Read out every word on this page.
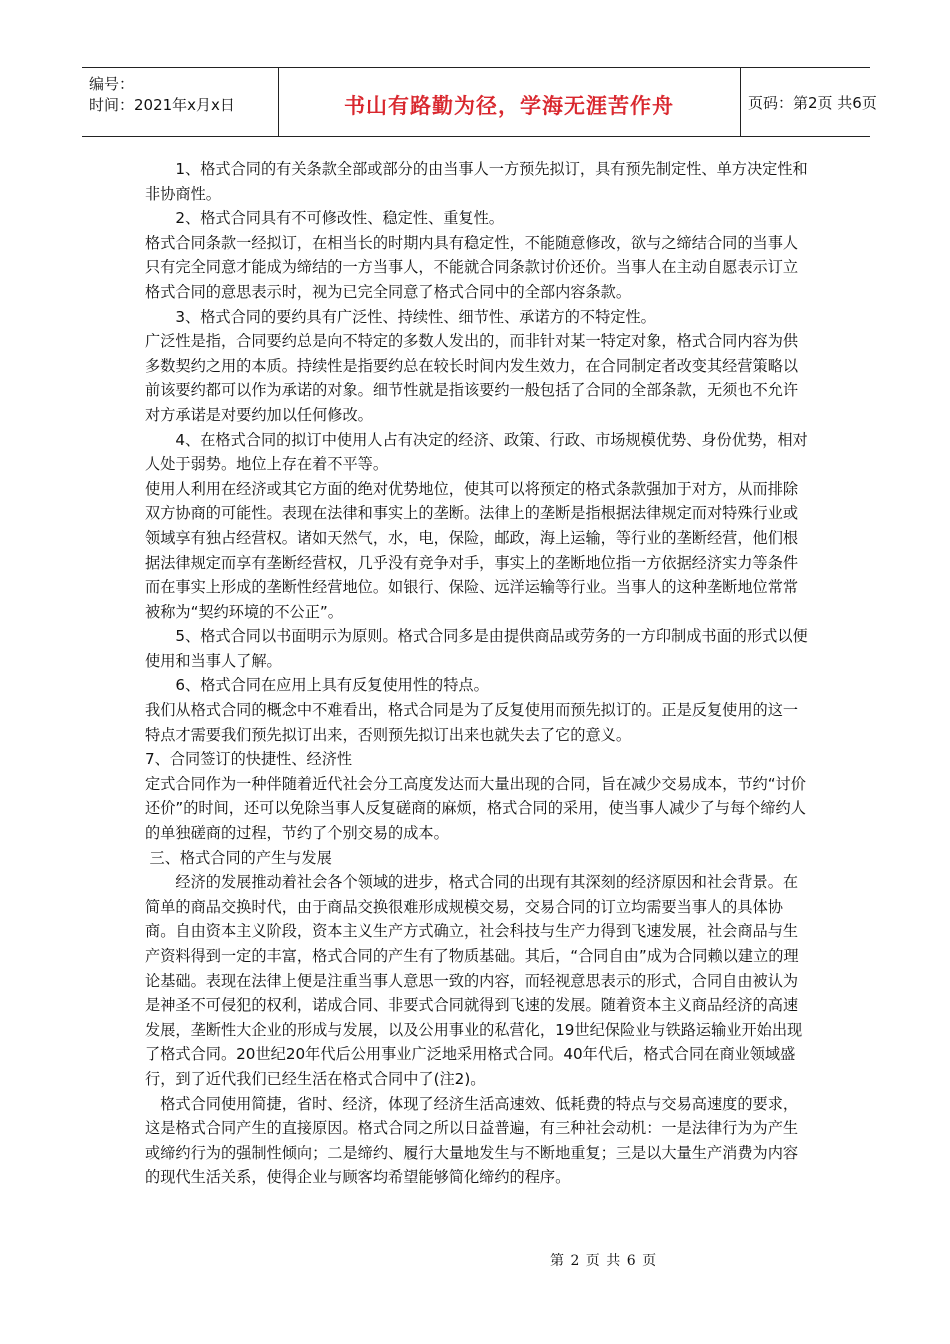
编号：
时间：2021年x月x日	书山有路勤为径，学海无涯苦作舟	页码：第2页 共6页

1、格式合同的有关条款全部或部分的由当事人一方预先拟订，具有预先制定性、单方决定性和非协商性。

2、格式合同具有不可修改性、稳定性、重复性。

格式合同条款一经拟订，在相当长的时期内具有稳定性，不能随意修改，欲与之缔结合同的当事人只有完全同意才能成为缔结的一方当事人，不能就合同条款讨价还价。当事人在主动自愿表示订立格式合同的意思表示时，视为已完全同意了格式合同中的全部内容条款。

3、格式合同的要约具有广泛性、持续性、细节性、承诺方的不特定性。

广泛性是指，合同要约总是向不特定的多数人发出的，而非针对某一特定对象，格式合同内容为供多数契约之用的本质。持续性是指要约总在较长时间内发生效力，在合同制定者改变其经营策略以前该要约都可以作为承诺的对象。细节性就是指该要约一般包括了合同的全部条款，无须也不允许对方承诺是对要约加以任何修改。

4、在格式合同的拟订中使用人占有决定的经济、政策、行政、市场规模优势、身份优势，相对人处于弱势。地位上存在着不平等。

使用人利用在经济或其它方面的绝对优势地位，使其可以将预定的格式条款强加于对方，从而排除双方协商的可能性。表现在法律和事实上的垄断。法律上的垄断是指根据法律规定而对特殊行业或领域享有独占经营权。诸如天然气，水，电，保险，邮政，海上运输，等行业的垄断经营，他们根据法律规定而享有垄断经营权，几乎没有竞争对手，事实上的垄断地位指一方依据经济实力等条件而在事实上形成的垄断性经营地位。如银行、保险、远洋运输等行业。当事人的这种垄断地位常常被称为“契约环境的不公正”。

5、格式合同以书面明示为原则。格式合同多是由提供商品或劳务的一方印制成书面的形式以便使用和当事人了解。

6、格式合同在应用上具有反复使用性的特点。

我们从格式合同的概念中不难看出，格式合同是为了反复使用而预先拟订的。正是反复使用的这一特点才需要我们预先拟订出来，否则预先拟订出来也就失去了它的意义。

7、合同签订的快捷性、经济性

定式合同作为一种伴随着近代社会分工高度发达而大量出现的合同，旨在减少交易成本，节约“讨价还价”的时间，还可以免除当事人反复磋商的麻烦，格式合同的采用，使当事人减少了与每个缔约人的单独磋商的过程，节约了个别交易的成本。

三、格式合同的产生与发展

经济的发展推动着社会各个领域的进步，格式合同的出现有其深刻的经济原因和社会背景。在简单的商品交换时代，由于商品交换很难形成规模交易，交易合同的订立均需要当事人的具体协商。自由资本主义阶段，资本主义生产方式确立，社会科技与生产力得到飞速发展，社会商品与生产资料得到一定的丰富，格式合同的产生有了物质基础。其后，“合同自由”成为合同赖以建立的理论基础。表现在法律上便是注重当事人意思一致的内容，而轻视意思表示的形式，合同自由被认为是神圣不可侵犯的权利，诺成合同、非要式合同就得到飞速的发展。随着资本主义商品经济的高速发展，垄断性大企业的形成与发展，以及公用事业的私营化，19世纪保险业与铁路运输业开始出现了格式合同。20世纪20年代后公用事业广泛地采用格式合同。40年代后，格式合同在商业领域盛行，到了近代我们已经生活在格式合同中了(注2)。

格式合同使用简捷，省时、经济，体现了经济生活高速效、低耗费的特点与交易高速度的要求，这是格式合同产生的直接原因。格式合同之所以日益普遍，有三种社会动机：一是法律行为为产生或缔约行为的强制性倾向；二是缔约、履行大量地发生与不断地重复；三是以大量生产消费为内容的现代生活关系，使得企业与顾客均希望能够简化缔约的程序。

第 2 页 共 6 页
